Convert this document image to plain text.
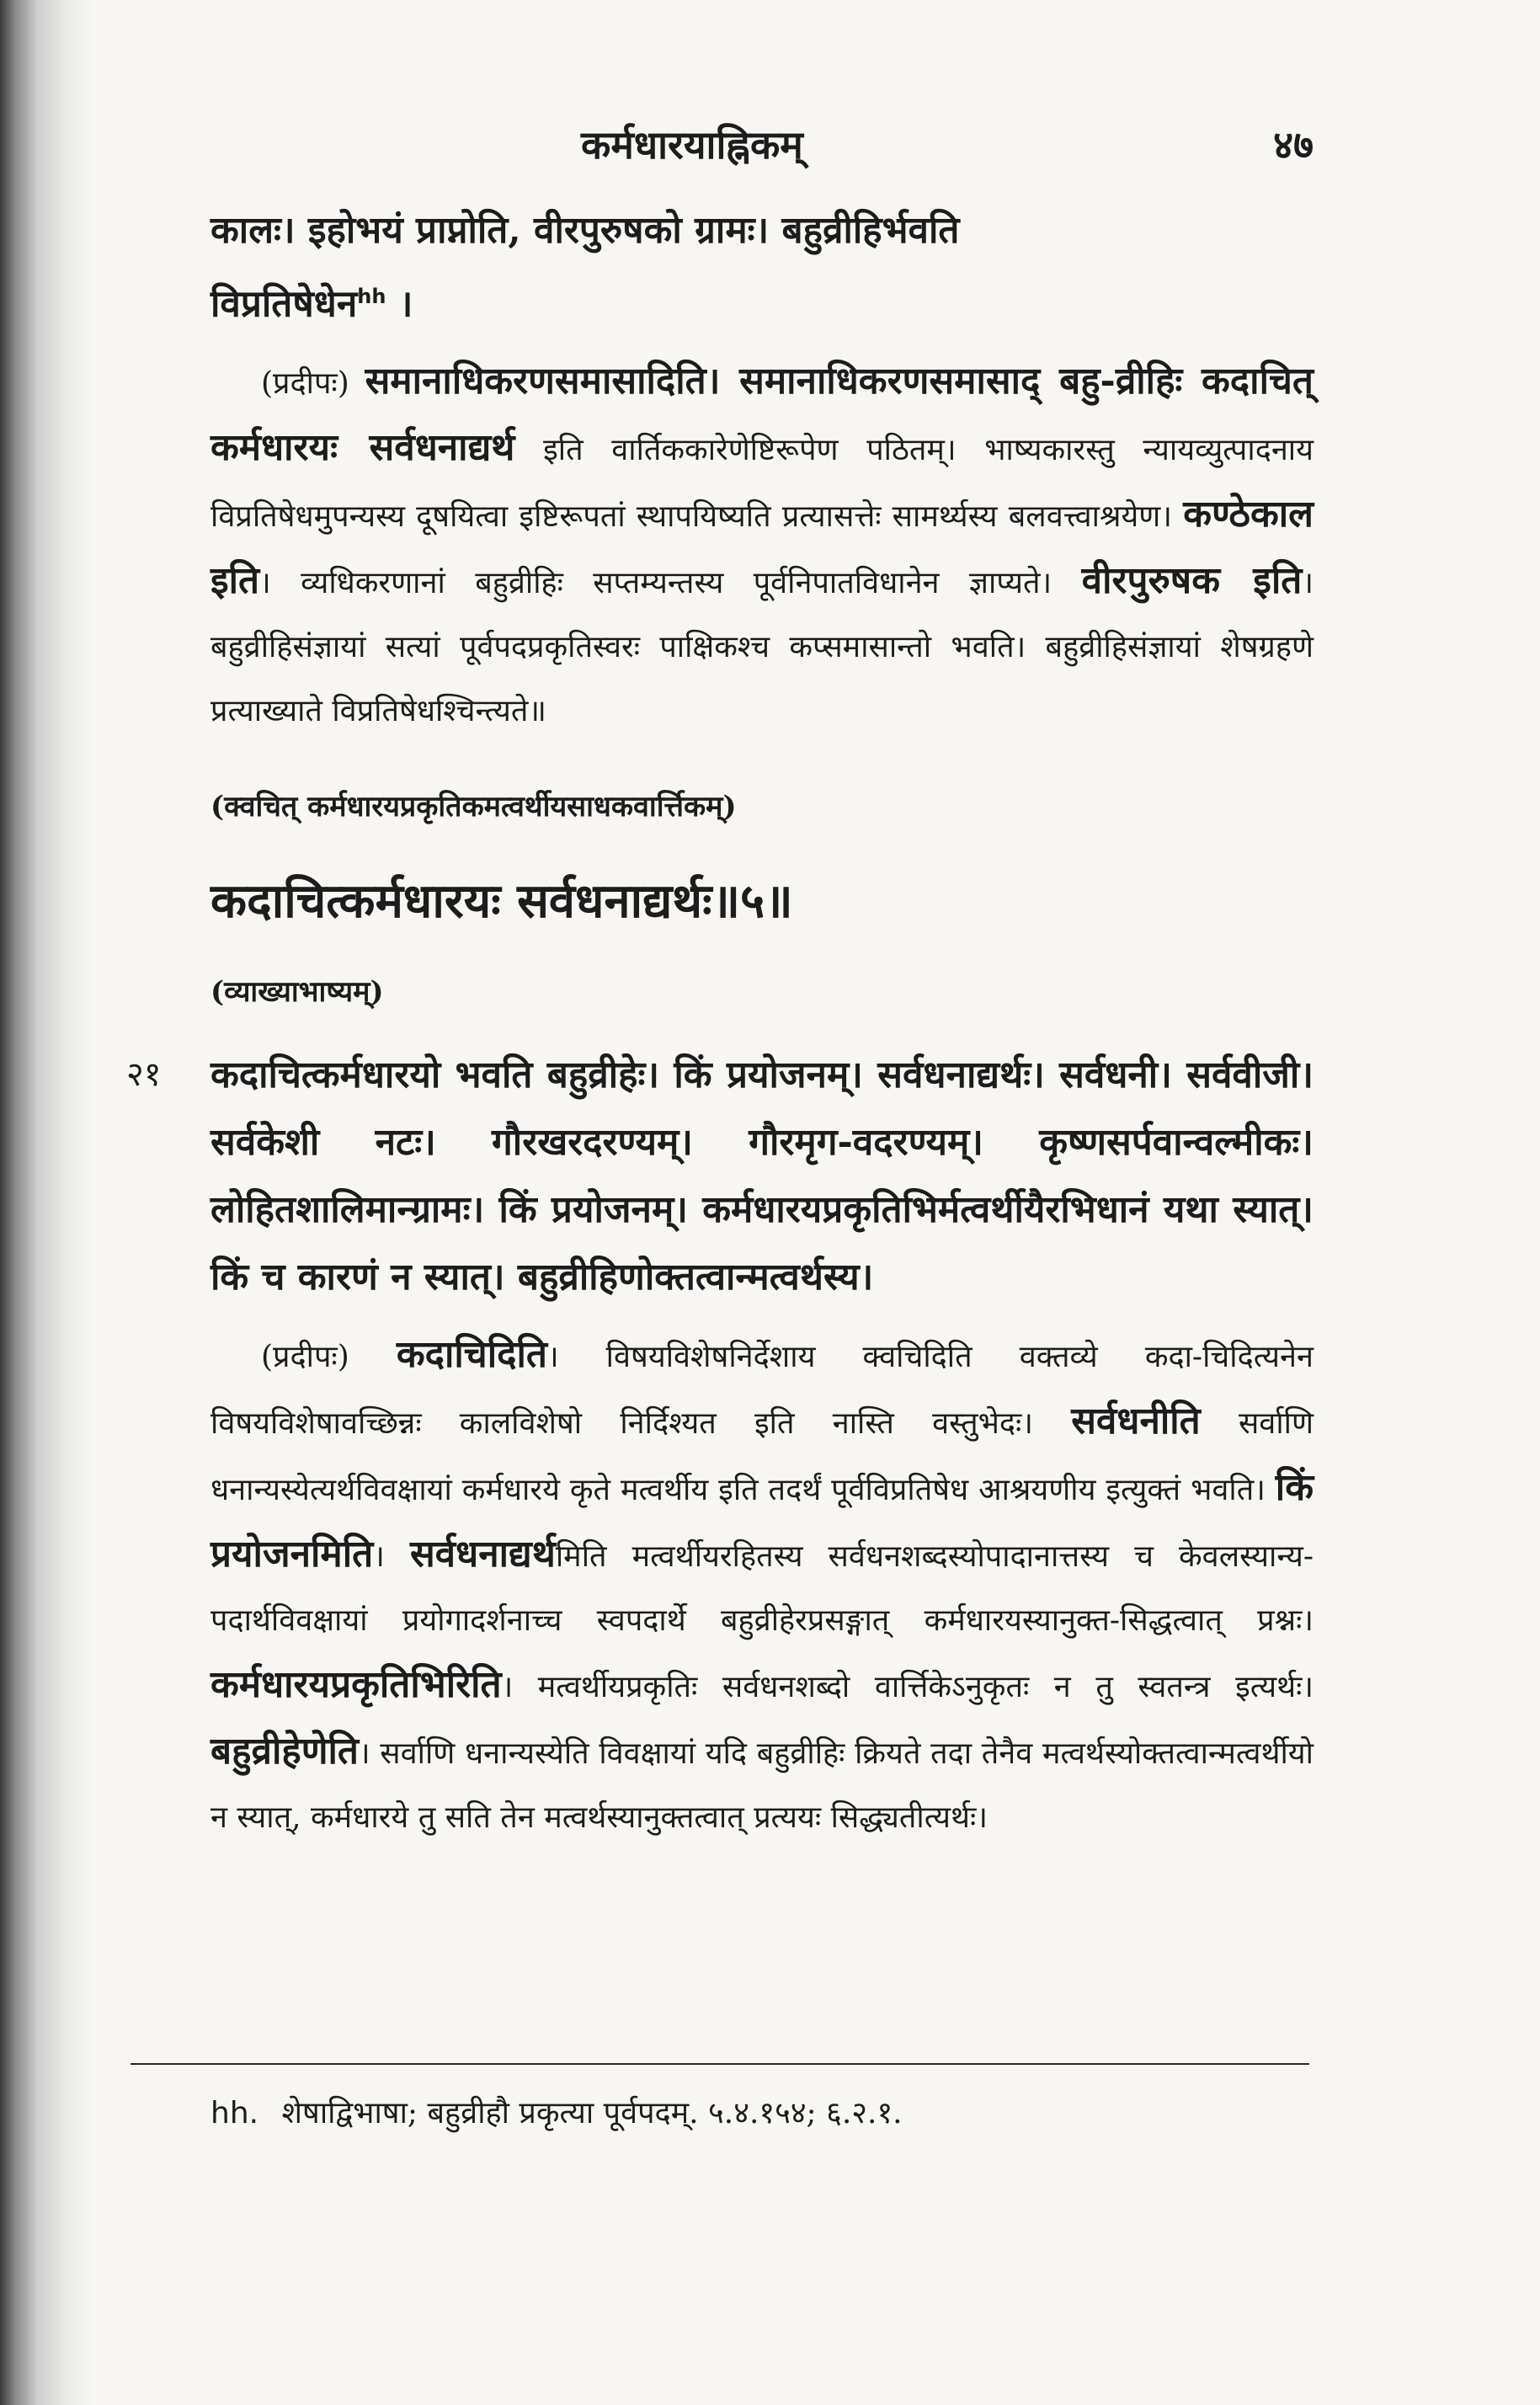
कर्मधारयाह्निकम्	४७

कालः। इहोभयं प्राप्नोति, वीरपुरुषको ग्रामः। बहुव्रीहिर्भवति
विप्रतिषेधेन$^{hh}$ ।

(प्रदीपः) समानाधिकरणसमासादिति। समानाधिकरणसमासाद् बहु-व्रीहिः कदाचित् कर्मधारयः सर्वधनाद्यर्थ इति वार्तिककारेणेष्टिरूपेण पठितम्। भाष्यकारस्तु न्यायव्युत्पादनाय विप्रतिषेधमुपन्यस्य दूषयित्वा इष्टिरूपतां स्थापयिष्यति प्रत्यासत्तेः सामर्थ्यस्य बलवत्त्वाश्रयेण। कण्ठेकाल इति। व्यधिकरणानां बहुव्रीहिः सप्तम्यन्तस्य पूर्वनिपातविधानेन ज्ञाप्यते। वीरपुरुषक इति। बहुव्रीहिसंज्ञायां सत्यां पूर्वपदप्रकृतिस्वरः पाक्षिकश्च कप्समासान्तो भवति। बहुव्रीहिसंज्ञायां शेषग्रहणे प्रत्याख्याते विप्रतिषेधश्चिन्त्यते॥

(क्वचित् कर्मधारयप्रकृतिकमत्वर्थीयसाधकवार्त्तिकम्)

कदाचित्कर्मधारयः सर्वधनाद्यर्थः॥५॥

(व्याख्याभाष्यम्)

२१ कदाचित्कर्मधारयो भवति बहुव्रीहेः। किं प्रयोजनम्। सर्वधनाद्यर्थः। सर्वधनी। सर्ववीजी। सर्वकेशी नटः। गौरखरदरण्यम्। गौरमृग-वदरण्यम्। कृष्णसर्पवान्वल्मीकः। लोहितशालिमान्ग्रामः। किं प्रयोजनम्। कर्मधारयप्रकृतिभिर्मत्वर्थीयैरभिधानं यथा स्यात्। किं च कारणं न स्यात्। बहुव्रीहिणोक्तत्वान्मत्वर्थस्य।

(प्रदीपः) कदाचिदिति। विषयविशेषनिर्देशाय क्वचिदिति वक्तव्ये कदा-चिदित्यनेन विषयविशेषावच्छिन्नः कालविशेषो निर्दिश्यत इति नास्ति वस्तुभेदः। सर्वधनीति सर्वाणि धनान्यस्येत्यर्थविवक्षायां कर्मधारये कृते मत्वर्थीय इति तदर्थं पूर्वविप्रतिषेध आश्रयणीय इत्युक्तं भवति। किं प्रयोजनमिति। सर्वधनाद्यर्थमिति मत्वर्थीयरहितस्य सर्वधनशब्दस्योपादानात्तस्य च केवलस्यान्य-पदार्थविवक्षायां प्रयोगादर्शनाच्च स्वपदार्थे बहुव्रीहेरप्रसङ्गात् कर्मधारयस्यानुक्त-सिद्धत्वात् प्रश्नः। कर्मधारयप्रकृतिभिरिति। मत्वर्थीयप्रकृतिः सर्वधनशब्दो वार्त्तिकेऽनुकृतः न तु स्वतन्त्र इत्यर्थः। बहुव्रीहेणेति। सर्वाणि धनान्यस्येति विवक्षायां यदि बहुव्रीहिः क्रियते तदा तेनैव मत्वर्थस्योक्तत्वान्मत्वर्थीयो न स्यात्, कर्मधारये तु सति तेन मत्वर्थस्यानुक्तत्वात् प्रत्ययः सिद्ध्यतीत्यर्थः।

hh. शेषाद्विभाषा; बहुव्रीहौ प्रकृत्या पूर्वपदम्. ५.४.१५४; ६.२.१.
